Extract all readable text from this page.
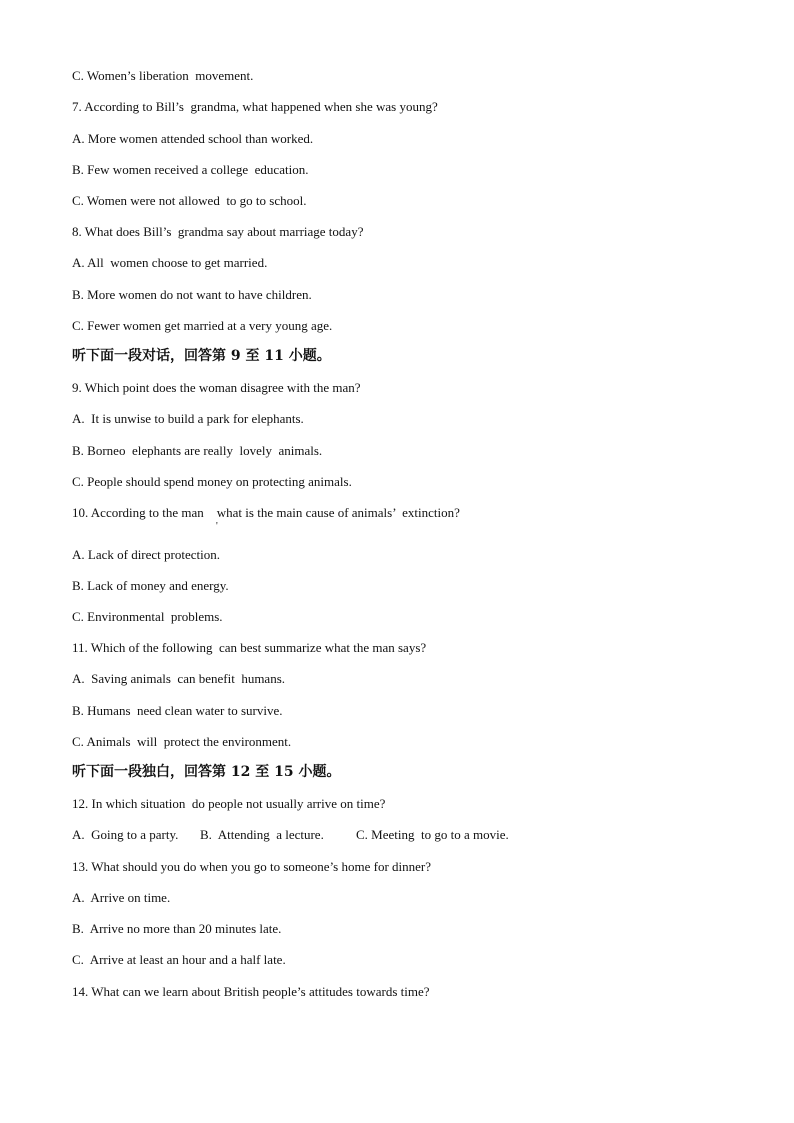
C. Women’s liberation  movement.
7. According to Bill’s  grandma, what happened when she was young?
A. More women attended school than worked.
B. Few women received a college  education.
C. Women were not allowed  to go to school.
8. What does Bill’s  grandma say about marriage today?
A. All  women choose to get married.
B. More women do not want to have children.
C. Fewer women get married at a very young age.
听下面一段对话，回答第 9 至 11 小题。
9. Which point does the woman disagree with the man?
A.  It is unwise to build a park for elephants.
B. Borneo  elephants are really  lovely  animals.
C. People should spend money on protecting animals.
10. According to the man    what is the main cause of animals’  extinction?
'
A. Lack of direct protection.
B. Lack of money and energy.
C. Environmental  problems.
11. Which of the following  can best summarize what the man says?
A.  Saving animals  can benefit  humans.
B. Humans  need clean water to survive.
C. Animals  will  protect the environment.
听下面一段独白，回答第 12 至 15 小题。
12. In which situation  do people not usually arrive on time?
A.  Going to a party. B.  Attending  a lecture. C. Meeting  to go to a movie.
13. What should you do when you go to someone’s home for dinner?
A.  Arrive on time.
B.  Arrive no more than 20 minutes late.
C.  Arrive at least an hour and a half late.
14. What can we learn about British people’s attitudes towards time?
